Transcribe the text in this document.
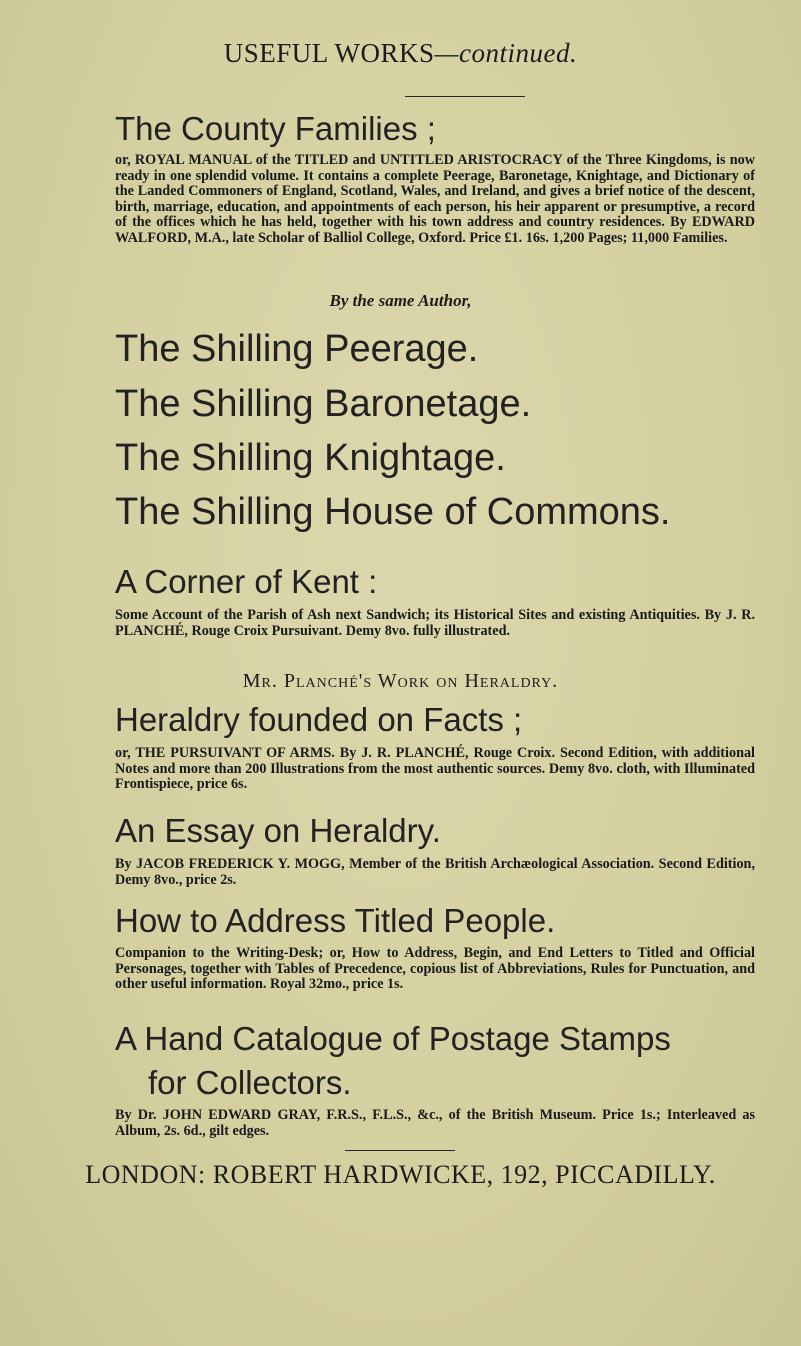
USEFUL WORKS—continued.
The County Families ;
or, ROYAL MANUAL of the TITLED and UNTITLED ARISTOCRACY of the Three Kingdoms, is now ready in one splendid volume. It contains a complete Peerage, Baronetage, Knightage, and Dictionary of the Landed Commoners of England, Scotland, Wales, and Ireland, and gives a brief notice of the descent, birth, marriage, education, and appointments of each person, his heir apparent or presumptive, a record of the offices which he has held, together with his town address and country residences. By EDWARD WALFORD, M.A., late Scholar of Balliol College, Oxford. Price £1. 16s. 1,200 Pages; 11,000 Families.
By the same Author,
The Shilling Peerage.
The Shilling Baronetage.
The Shilling Knightage.
The Shilling House of Commons.
A Corner of Kent :
Some Account of the Parish of Ash next Sandwich; its Historical Sites and existing Antiquities. By J. R. PLANCHÉ, Rouge Croix Pursuivant. Demy 8vo. fully illustrated.
Mr. Planché's Work on Heraldry.
Heraldry founded on Facts ;
or, THE PURSUIVANT OF ARMS. By J. R. PLANCHÉ, Rouge Croix. Second Edition, with additional Notes and more than 200 Illustrations from the most authentic sources. Demy 8vo. cloth, with Illuminated Frontispiece, price 6s.
An Essay on Heraldry.
By JACOB FREDERICK Y. MOGG, Member of the British Archæological Association. Second Edition, Demy 8vo., price 2s.
How to Address Titled People.
Companion to the Writing-Desk; or, How to Address, Begin, and End Letters to Titled and Official Personages, together with Tables of Precedence, copious list of Abbreviations, Rules for Punctuation, and other useful information. Royal 32mo., price 1s.
A Hand Catalogue of Postage Stamps
for Collectors.
By Dr. JOHN EDWARD GRAY, F.R.S., F.L.S., &c., of the British Museum. Price 1s.; Interleaved as Album, 2s. 6d., gilt edges.
LONDON: ROBERT HARDWICKE, 192, PICCADILLY.
